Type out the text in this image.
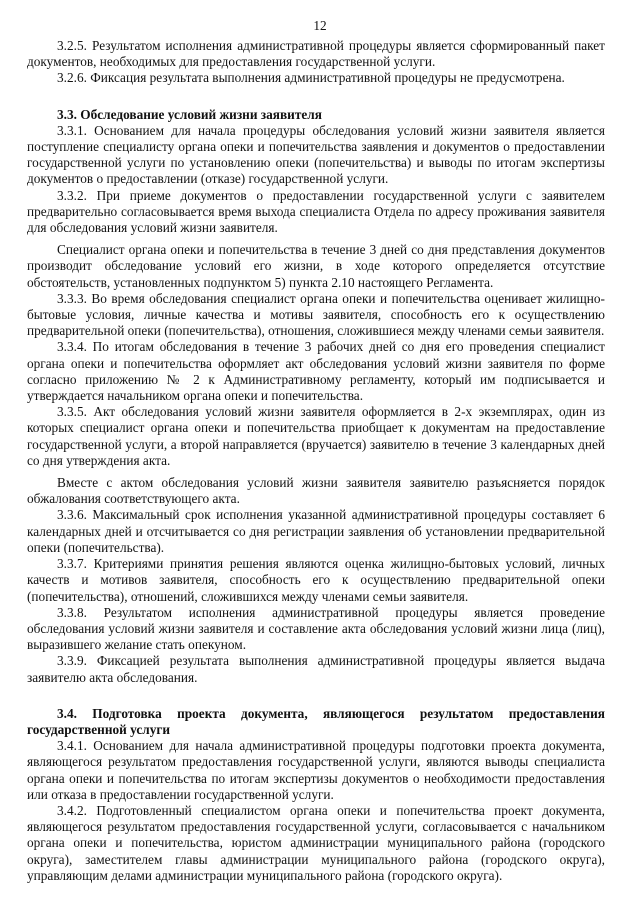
12

3.2.5. Результатом исполнения административной процедуры является сформированный пакет документов, необходимых для предоставления государственной услуги.

3.2.6. Фиксация результата выполнения административной процедуры не предусмотрена.

3.3. Обследование условий жизни заявителя

3.3.1. Основанием для начала процедуры обследования условий жизни заявителя является поступление специалисту органа опеки и попечительства заявления и документов о предоставлении государственной услуги по установлению опеки (попечительства) и выводы по итогам экспертизы документов о предоставлении (отказе) государственной услуги.

3.3.2. При приеме документов о предоставлении государственной услуги с заявителем предварительно согласовывается время выхода специалиста Отдела по адресу проживания заявителя для обследования условий жизни заявителя.

Специалист органа опеки и попечительства в течение 3 дней со дня представления документов производит обследование условий его жизни, в ходе которого определяется отсутствие обстоятельств, установленных подпунктом 5) пункта 2.10 настоящего Регламента.

3.3.3. Во время обследования специалист органа опеки и попечительства оценивает жилищно-бытовые условия, личные качества и мотивы заявителя, способность его к осуществлению предварительной опеки (попечительства), отношения, сложившиеся между членами семьи заявителя.

3.3.4. По итогам обследования в течение 3 рабочих дней со дня его проведения специалист органа опеки и попечительства оформляет акт обследования условий жизни заявителя по форме согласно приложению № 2 к Административному регламенту, который им подписывается и утверждается начальником органа опеки и попечительства.

3.3.5. Акт обследования условий жизни заявителя оформляется в 2-х экземплярах, один из которых специалист органа опеки и попечительства приобщает к документам на предоставление государственной услуги, а второй направляется (вручается) заявителю в течение 3 календарных дней со дня утверждения акта.

Вместе с актом обследования условий жизни заявителя заявителю разъясняется порядок обжалования соответствующего акта.

3.3.6. Максимальный срок исполнения указанной административной процедуры составляет 6 календарных дней и отсчитывается со дня регистрации заявления об установлении предварительной опеки (попечительства).

3.3.7. Критериями принятия решения являются оценка жилищно-бытовых условий, личных качеств и мотивов заявителя, способность его к осуществлению предварительной опеки (попечительства), отношений, сложившихся между членами семьи заявителя.

3.3.8. Результатом исполнения административной процедуры является проведение обследования условий жизни заявителя и составление акта обследования условий жизни лица (лиц), выразившего желание стать опекуном.

3.3.9. Фиксацией результата выполнения административной процедуры является выдача заявителю акта обследования.

3.4. Подготовка проекта документа, являющегося результатом предоставления государственной услуги

3.4.1. Основанием для начала административной процедуры подготовки проекта документа, являющегося результатом предоставления государственной услуги, являются выводы специалиста органа опеки и попечительства по итогам экспертизы документов о необходимости предоставления или отказа в предоставлении государственной услуги.

3.4.2. Подготовленный специалистом органа опеки и попечительства проект документа, являющегося результатом предоставления государственной услуги, согласовывается с начальником органа опеки и попечительства, юристом администрации муниципального района (городского округа), заместителем главы администрации муниципального района (городского округа), управляющим делами администрации муниципального района (городского округа).
